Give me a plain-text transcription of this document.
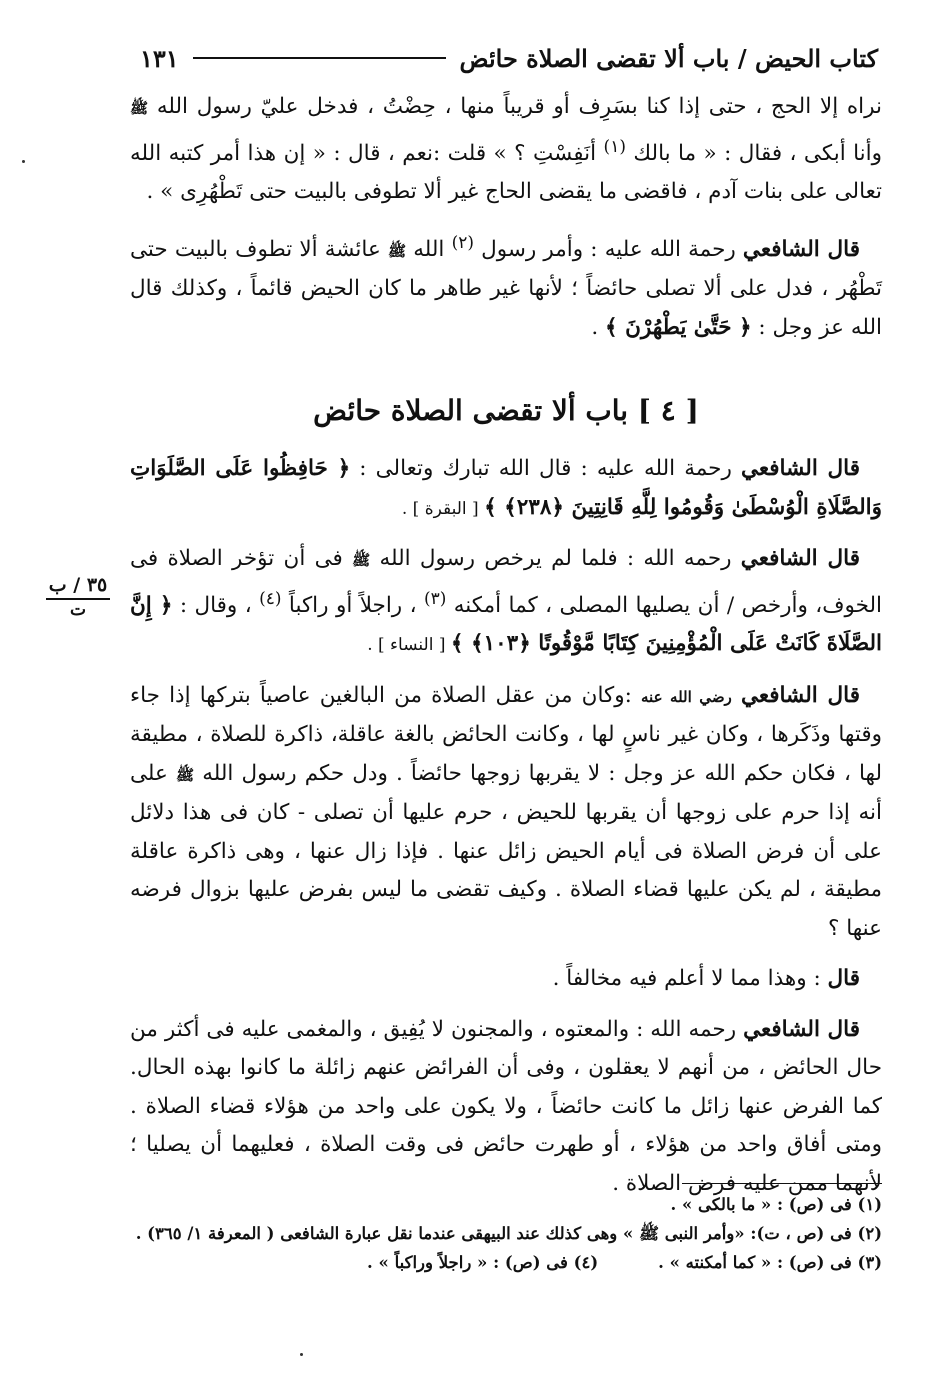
كتاب الحيض / باب ألا تقضى الصلاة حائض
١٣١

نراه إلا الحج ، حتى إذا كنا بسَرِف أو قريباً منها ، حِضْتُ ، فدخل عليّ رسول الله ﷺ وأنا أبكى ، فقال : « ما بالك $^{(١)}$ أنَفِسْتِ ؟ » قلت :نعم ، قال : « إن هذا أمر كتبه الله تعالى على بنات آدم ، فاقضى ما يقضى الحاج غير ألا تطوفى بالبيت حتى تَطْهُرِى » .

قال الشافعي رحمة الله عليه : وأمر رسول $^{(٢)}$ الله ﷺ عائشة ألا تطوف بالبيت حتى تَطْهُر ، فدل على ألا تصلى حائضاً ؛ لأنها غير طاهر ما كان الحيض قائماً ، وكذلك قال الله عز وجل : ﴿ حَتَّىٰ يَطْهُرْنَ ﴾ .

[ ٤ ] باب ألا تقضى الصلاة حائض
٣٥ / ب
ت

قال الشافعي رحمة الله عليه : قال الله تبارك وتعالى : ﴿ حَافِظُوا عَلَى الصَّلَوَاتِ وَالصَّلَاةِ الْوُسْطَىٰ وَقُومُوا لِلَّهِ قَانِتِينَ ﴿٢٣٨﴾ ﴾ [ البقرة ] .

قال الشافعي رحمه الله : فلما لم يرخص رسول الله ﷺ فى أن تؤخر الصلاة فى الخوف، وأرخص / أن يصليها المصلى ، كما أمكنه $^{(٣)}$ ، راجلاً أو راكباً $^{(٤)}$ ، وقال : ﴿ إِنَّ الصَّلَاةَ كَانَتْ عَلَى الْمُؤْمِنِينَ كِتَابًا مَّوْقُوتًا ﴿١٠٣﴾ ﴾ [ النساء ] .

قال الشافعي رضي الله عنه :وكان من عقل الصلاة من البالغين عاصياً بتركها إذا جاء وقتها وذَكَرها ، وكان غير ناسٍ لها ، وكانت الحائض بالغة عاقلة، ذاكرة للصلاة ، مطيقة لها ، فكان حكم الله عز وجل : لا يقربها زوجها حائضاً . ودل حكم رسول الله ﷺ على أنه إذا حرم على زوجها أن يقربها للحيض ، حرم عليها أن تصلى - كان فى هذا دلائل على أن فرض الصلاة فى أيام الحيض زائل عنها . فإذا زال عنها ، وهى ذاكرة عاقلة مطيقة ، لم يكن عليها قضاء الصلاة . وكيف تقضى ما ليس بفرض عليها بزوال فرضه عنها ؟

قال : وهذا مما لا أعلم فيه مخالفاً .

قال الشافعي رحمه الله : والمعتوه ، والمجنون لا يُفِيق ، والمغمى عليه فى أكثر من حال الحائض ، من أنهم لا يعقلون ، وفى أن الفرائض عنهم زائلة ما كانوا بهذه الحال. كما الفرض عنها زائل ما كانت حائضاً ، ولا يكون على واحد من هؤلاء قضاء الصلاة . ومتى أفاق واحد من هؤلاء ، أو طهرت حائض فى وقت الصلاة ، فعليهما أن يصليا ؛ لأنهما ممن عليه فرض الصلاة .

(١) فى (ص) : « ما بالكى » .
(٢) فى (ص ، ت): «وأمر النبى ﷺ » وهى كذلك عند البيهقى عندما نقل عبارة الشافعى ( المعرفة ١/ ٣٦٥) .
(٣) فى (ص) : « كما أمكنته » .
(٤) فى (ص) : « راجلاً وراكباً » .
